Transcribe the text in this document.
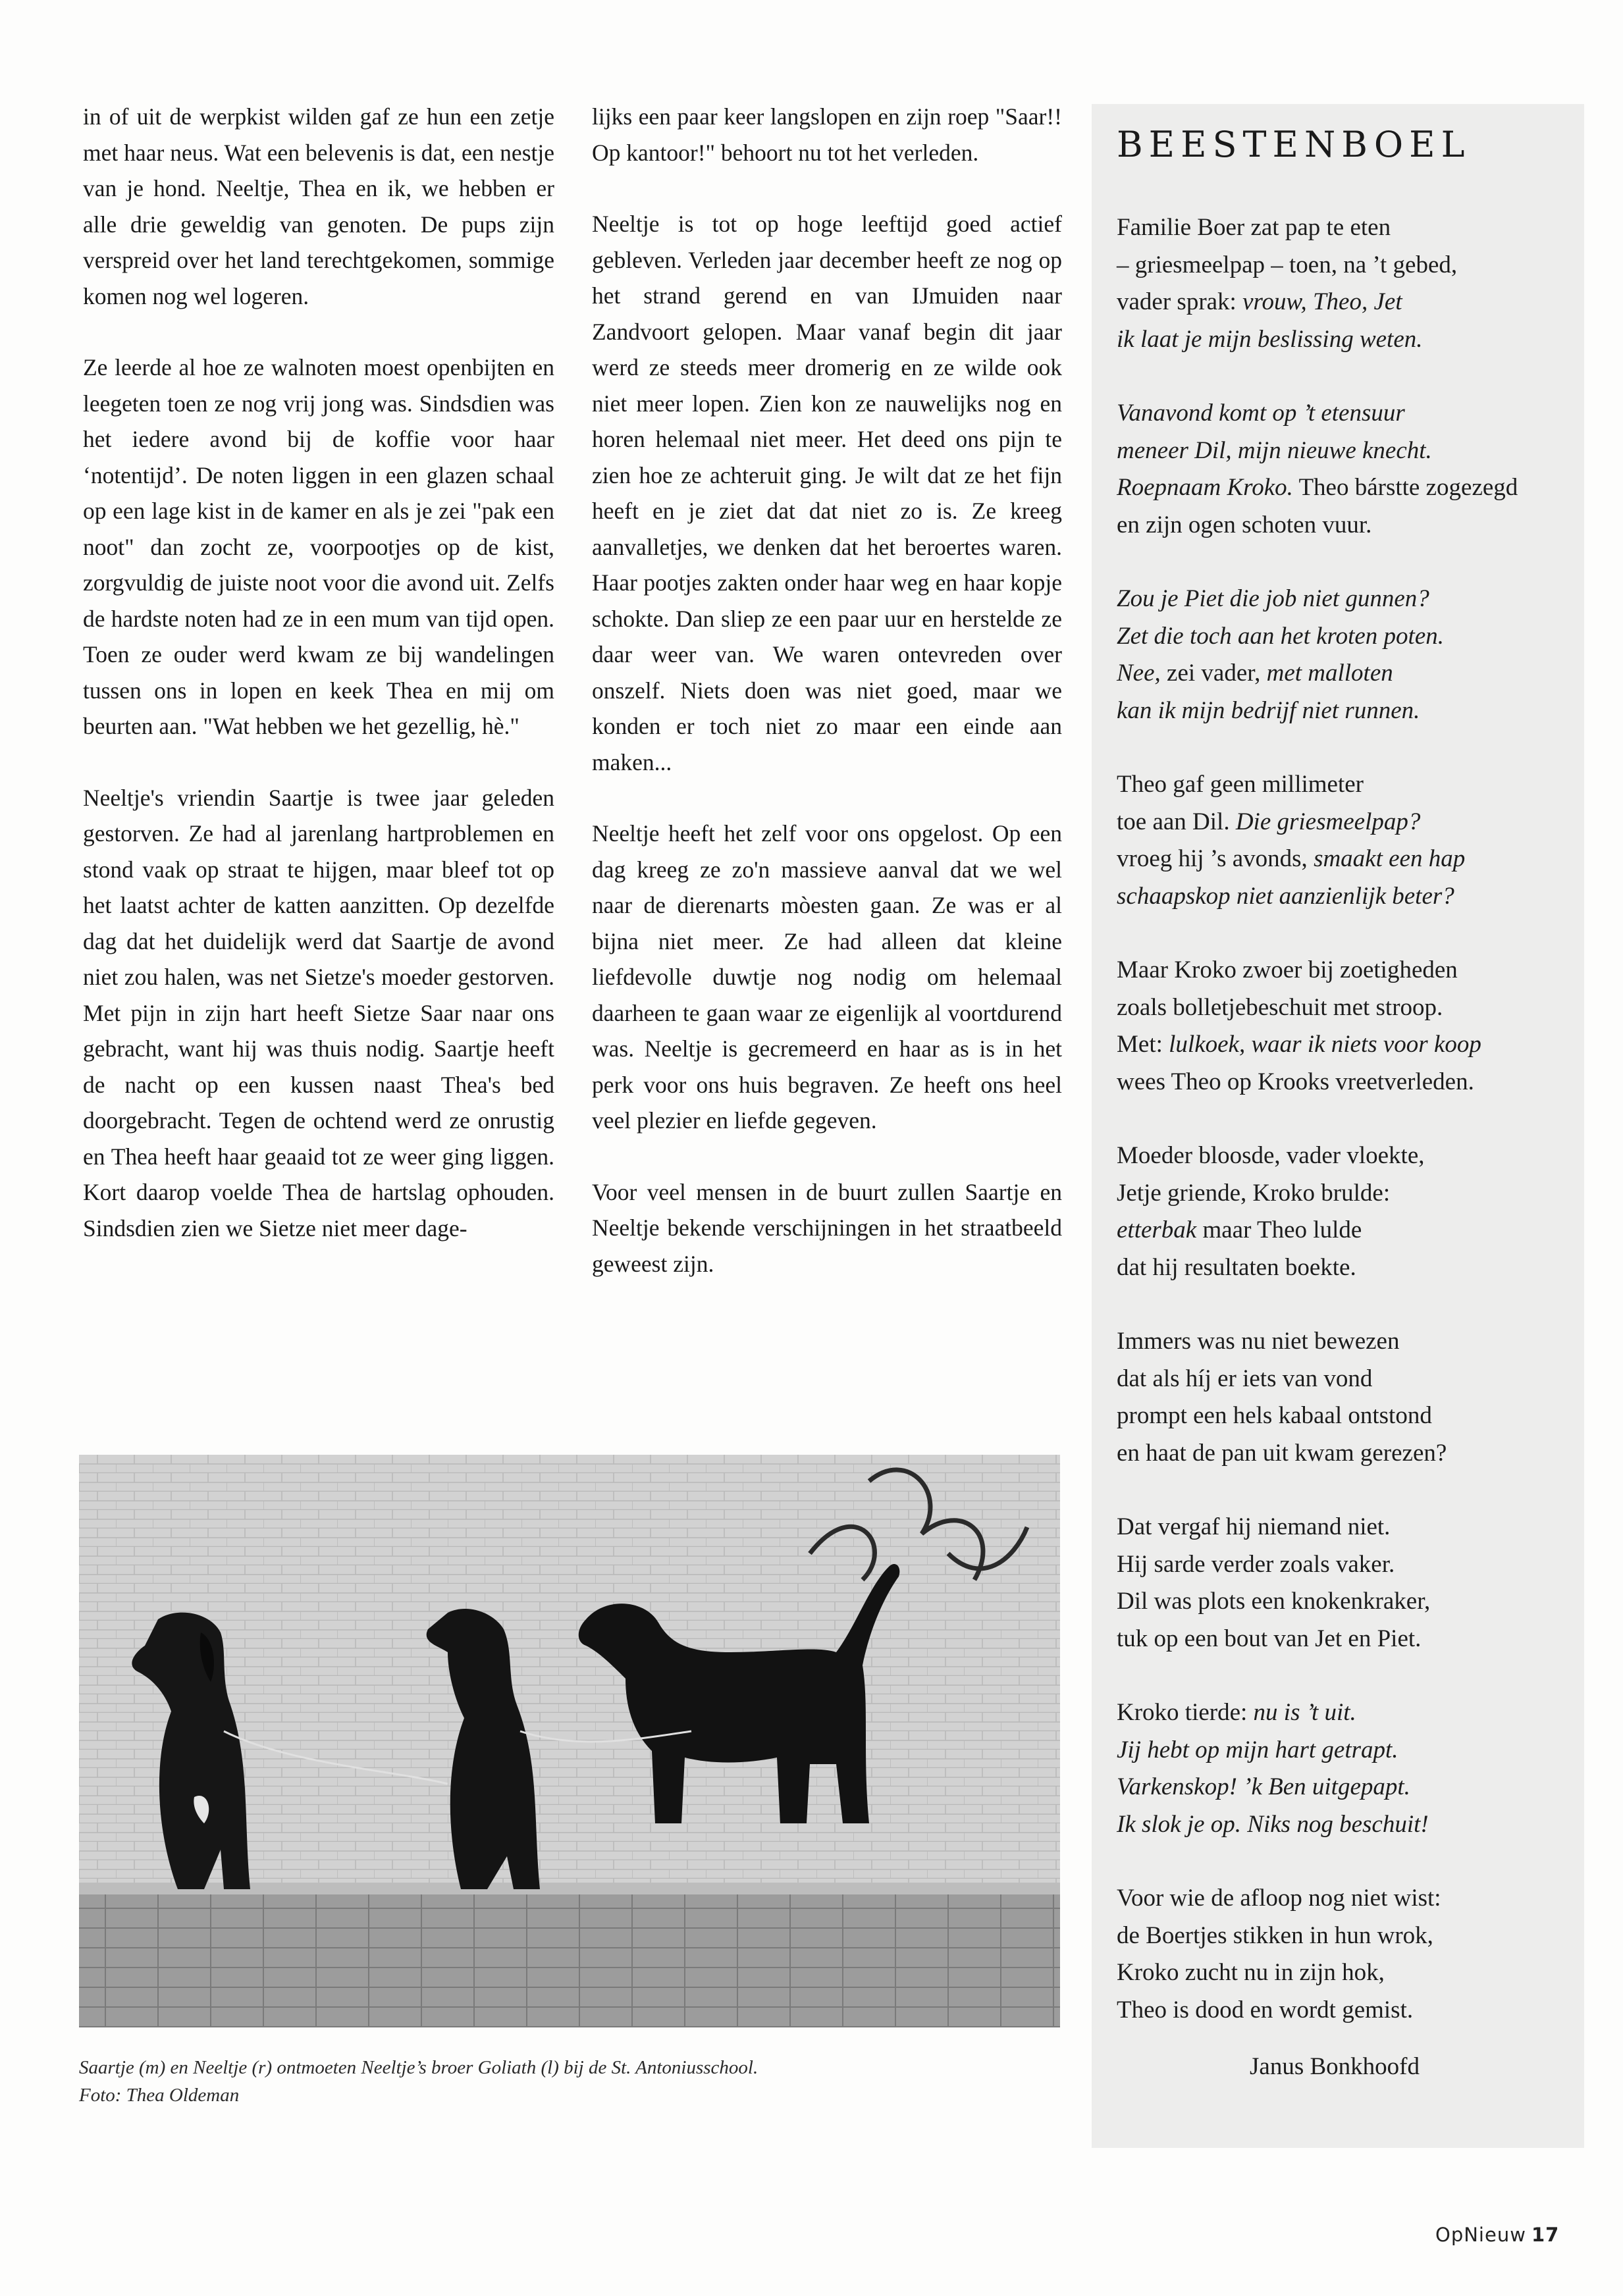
in of uit de werpkist wilden gaf ze hun een zetje met haar neus. Wat een belevenis is dat, een nestje van je hond. Neeltje, Thea en ik, we hebben er alle drie geweldig van genoten. De pups zijn verspreid over het land terechtgekomen, sommige komen nog wel logeren.

Ze leerde al hoe ze walnoten moest openbijten en leegeten toen ze nog vrij jong was. Sindsdien was het iedere avond bij de koffie voor haar ‘notentijd’. De noten liggen in een glazen schaal op een lage kist in de kamer en als je zei "pak een noot" dan zocht ze, voorpootjes op de kist, zorgvuldig de juiste noot voor die avond uit. Zelfs de hardste noten had ze in een mum van tijd open. Toen ze ouder werd kwam ze bij wandelingen tussen ons in lopen en keek Thea en mij om beurten aan. "Wat hebben we het gezellig, hè."

Neeltje's vriendin Saartje is twee jaar geleden gestorven. Ze had al jarenlang hartproblemen en stond vaak op straat te hijgen, maar bleef tot op het laatst achter de katten aanzitten. Op dezelfde dag dat het duidelijk werd dat Saartje de avond niet zou halen, was net Sietze's moeder gestorven. Met pijn in zijn hart heeft Sietze Saar naar ons gebracht, want hij was thuis nodig. Saartje heeft de nacht op een kussen naast Thea's bed doorgebracht. Tegen de ochtend werd ze onrustig en Thea heeft haar geaaid tot ze weer ging liggen. Kort daarop voelde Thea de hartslag ophouden. Sindsdien zien we Sietze niet meer dage-

lijks een paar keer langslopen en zijn roep "Saar!! Op kantoor!" behoort nu tot het verleden.

Neeltje is tot op hoge leeftijd goed actief gebleven. Verleden jaar december heeft ze nog op het strand gerend en van IJmuiden naar Zandvoort gelopen. Maar vanaf begin dit jaar werd ze steeds meer dromerig en ze wilde ook niet meer lopen. Zien kon ze nauwelijks nog en horen helemaal niet meer. Het deed ons pijn te zien hoe ze achteruit ging. Je wilt dat ze het fijn heeft en je ziet dat dat niet zo is. Ze kreeg aanvalletjes, we denken dat het beroertes waren. Haar pootjes zakten onder haar weg en haar kopje schokte. Dan sliep ze een paar uur en herstelde ze daar weer van. We waren ontevreden over onszelf. Niets doen was niet goed, maar we konden er toch niet zo maar een einde aan maken...

Neeltje heeft het zelf voor ons opgelost. Op een dag kreeg ze zo'n massieve aanval dat we wel naar de dierenarts mòesten gaan. Ze was er al bijna niet meer. Ze had alleen dat kleine liefdevolle duwtje nog nodig om helemaal daarheen te gaan waar ze eigenlijk al voortdurend was. Neeltje is gecremeerd en haar as is in het perk voor ons huis begraven. Ze heeft ons heel veel plezier en liefde gegeven.

Voor veel mensen in de buurt zullen Saartje en Neeltje bekende verschijningen in het straatbeeld geweest zijn.

BEESTENBOEL
Familie Boer zat pap te eten
– griesmeelpap – toen, na ’t gebed,
vader sprak: vrouw, Theo, Jet
ik laat je mijn beslissing weten.
Vanavond komt op ’t etensuur
meneer Dil, mijn nieuwe knecht.
Roepnaam Kroko. Theo bárstte zogezegd
en zijn ogen schoten vuur.
Zou je Piet die job niet gunnen?
Zet die toch aan het kroten poten.
Nee, zei vader, met malloten
kan ik mijn bedrijf niet runnen.
Theo gaf geen millimeter
toe aan Dil. Die griesmeelpap?
vroeg hij ’s avonds, smaakt een hap
schaapskop niet aanzienlijk beter?
Maar Kroko zwoer bij zoetigheden
zoals bolletjebeschuit met stroop.
Met: lulkoek, waar ik niets voor koop
wees Theo op Krooks vreetverleden.
Moeder bloosde, vader vloekte,
Jetje griende, Kroko brulde:
etterbak maar Theo lulde
dat hij resultaten boekte.
Immers was nu niet bewezen
dat als híj er iets van vond
prompt een hels kabaal ontstond
en haat de pan uit kwam gerezen?
Dat vergaf hij niemand niet.
Hij sarde verder zoals vaker.
Dil was plots een knokenkraker,
tuk op een bout van Jet en Piet.
Kroko tierde: nu is ’t uit.
Jij hebt op mijn hart getrapt.
Varkenskop! ’k Ben uitgepapt.
Ik slok je op. Niks nog beschuit!
Voor wie de afloop nog niet wist:
de Boertjes stikken in hun wrok,
Kroko zucht nu in zijn hok,
Theo is dood en wordt gemist.
Janus Bonkhoofd
Saartje (m) en Neeltje (r) ontmoeten Neeltje’s broer Goliath (l) bij de St. Antoniusschool.
Foto: Thea Oldeman
OpNieuw 17
